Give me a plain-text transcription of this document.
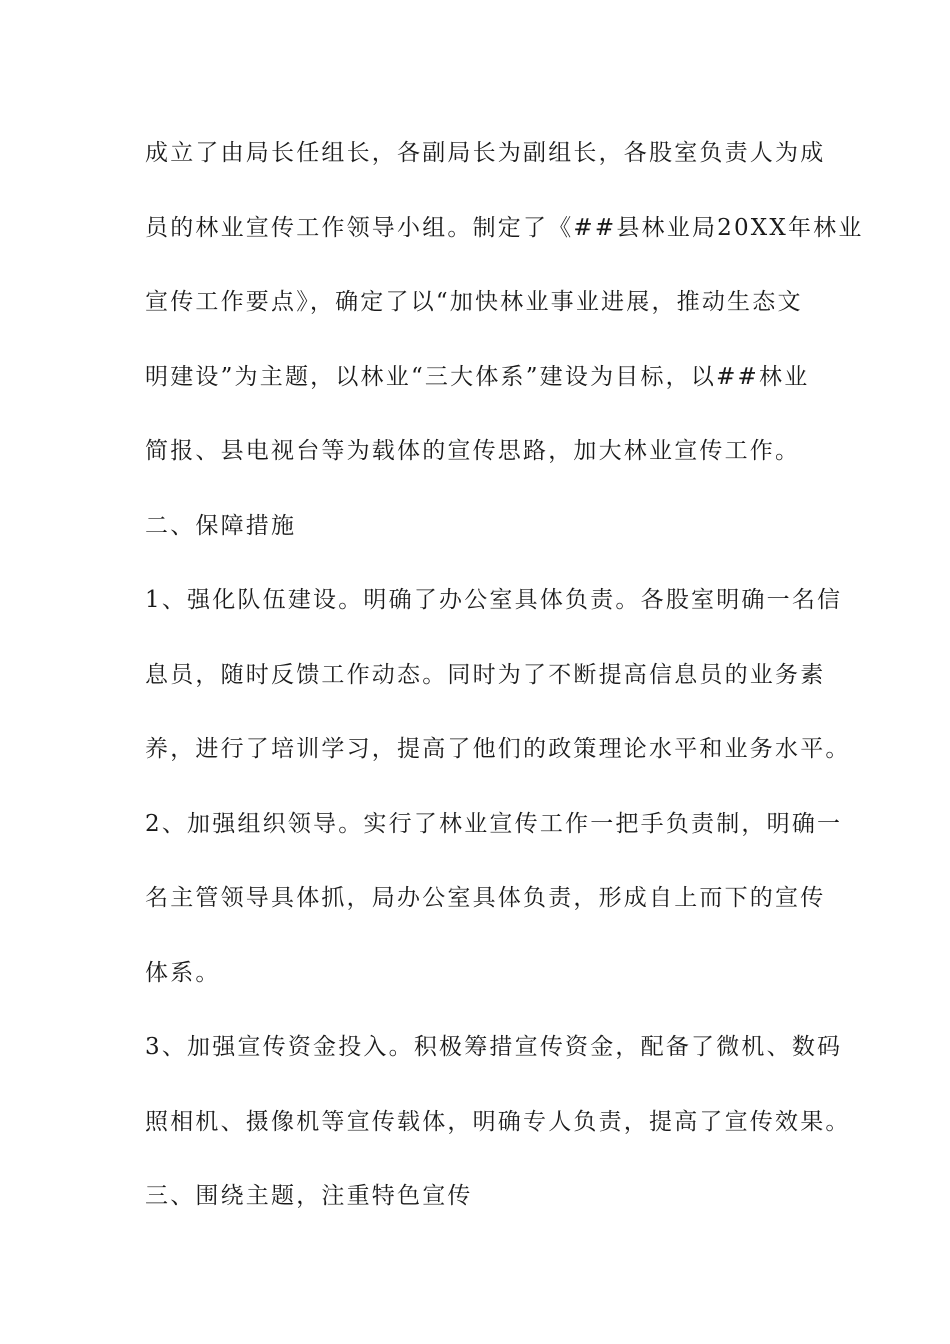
成立了由局长任组长，各副局长为副组长，各股室负责人为成
员的林业宣传工作领导小组。制定了《##县林业局20XX年林业
宣传工作要点》，确定了以“加快林业事业进展，推动生态文
明建设”为主题，以林业“三大体系”建设为目标，以##林业
简报、县电视台等为载体的宣传思路，加大林业宣传工作。
二、保障措施
1、强化队伍建设。明确了办公室具体负责。各股室明确一名信
息员，随时反馈工作动态。同时为了不断提高信息员的业务素
养，进行了培训学习，提高了他们的政策理论水平和业务水平。
2、加强组织领导。实行了林业宣传工作一把手负责制，明确一
名主管领导具体抓，局办公室具体负责，形成自上而下的宣传
体系。
3、加强宣传资金投入。积极筹措宣传资金，配备了微机、数码
照相机、摄像机等宣传载体，明确专人负责，提高了宣传效果。
三、围绕主题，注重特色宣传
